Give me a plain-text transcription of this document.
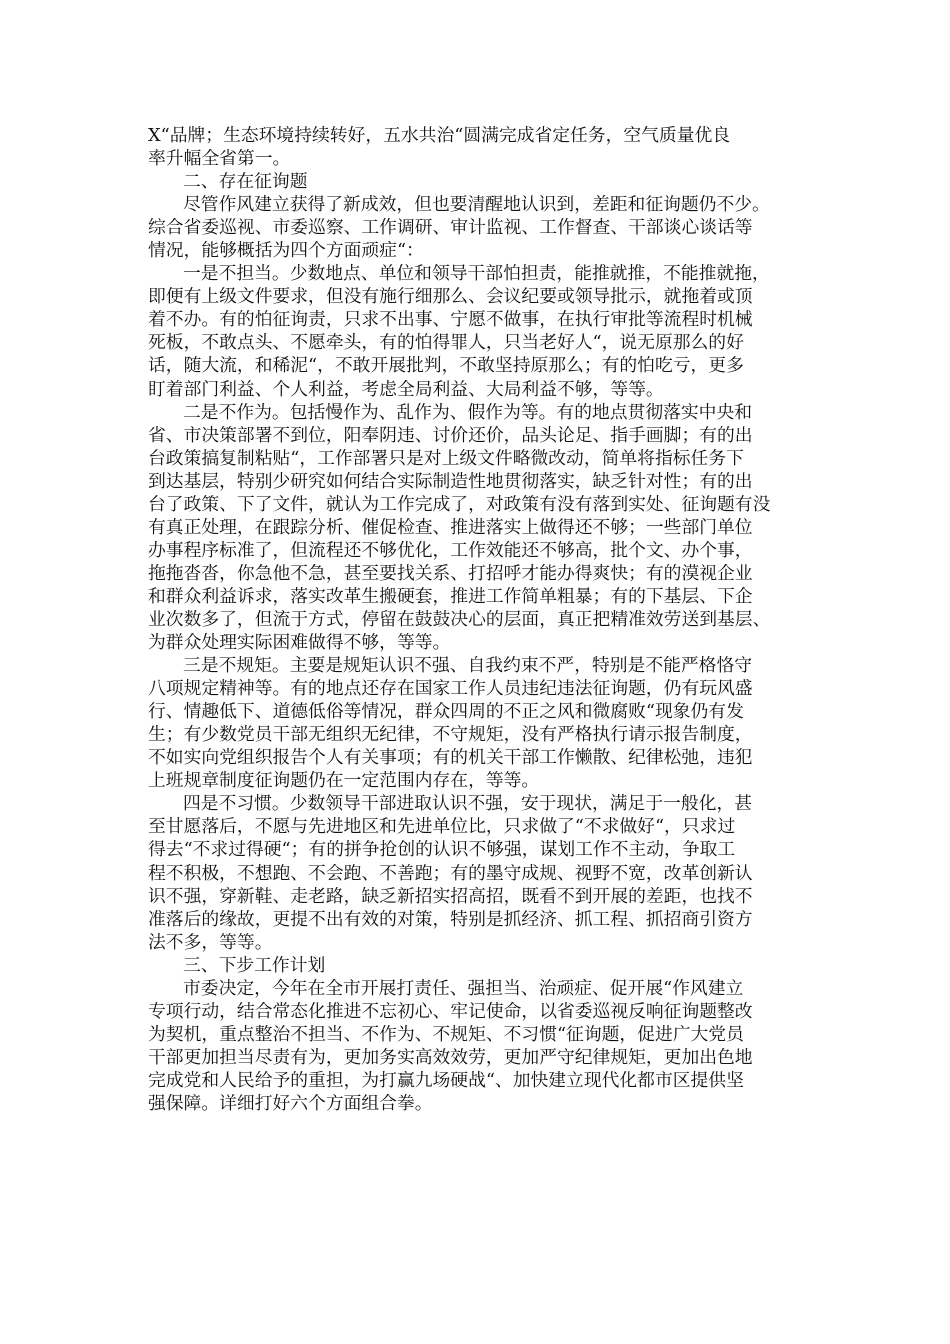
X“品牌；生态环境持续转好，五水共治“圆满完成省定任务，空气质量优良
率升幅全省第一。
二、存在征询题
尽管作风建立获得了新成效，但也要清醒地认识到，差距和征询题仍不少。
综合省委巡视、市委巡察、工作调研、审计监视、工作督查、干部谈心谈话等
情况，能够概括为四个方面顽症“：
一是不担当。少数地点、单位和领导干部怕担责，能推就推，不能推就拖，
即便有上级文件要求，但没有施行细那么、会议纪要或领导批示，就拖着或顶
着不办。有的怕征询责，只求不出事、宁愿不做事，在执行审批等流程时机械
死板，不敢点头、不愿牵头，有的怕得罪人，只当老好人“，说无原那么的好
话，随大流，和稀泥“，不敢开展批判，不敢坚持原那么；有的怕吃亏，更多
盯着部门利益、个人利益，考虑全局利益、大局利益不够，等等。
二是不作为。包括慢作为、乱作为、假作为等。有的地点贯彻落实中央和
省、市决策部署不到位，阳奉阴违、讨价还价，品头论足、指手画脚；有的出
台政策搞复制粘贴“，工作部署只是对上级文件略微改动，简单将指标任务下
到达基层，特别少研究如何结合实际制造性地贯彻落实，缺乏针对性；有的出
台了政策、下了文件，就认为工作完成了，对政策有没有落到实处、征询题有没
有真正处理，在跟踪分析、催促检查、推进落实上做得还不够；一些部门单位
办事程序标准了，但流程还不够优化，工作效能还不够高，批个文、办个事，
拖拖沓沓，你急他不急，甚至要找关系、打招呼才能办得爽快；有的漠视企业
和群众利益诉求，落实改革生搬硬套，推进工作简单粗暴；有的下基层、下企
业次数多了，但流于方式，停留在鼓鼓决心的层面，真正把精准效劳送到基层、
为群众处理实际困难做得不够，等等。
三是不规矩。主要是规矩认识不强、自我约束不严，特别是不能严格恪守
八项规定精神等。有的地点还存在国家工作人员违纪违法征询题，仍有玩风盛
行、情趣低下、道德低俗等情况，群众四周的不正之风和微腐败“现象仍有发
生；有少数党员干部无组织无纪律，不守规矩，没有严格执行请示报告制度，
不如实向党组织报告个人有关事项；有的机关干部工作懒散、纪律松弛，违犯
上班规章制度征询题仍在一定范围内存在，等等。
四是不习惯。少数领导干部进取认识不强，安于现状，满足于一般化，甚
至甘愿落后，不愿与先进地区和先进单位比，只求做了“不求做好“，只求过
得去“不求过得硬“；有的拼争抢创的认识不够强，谋划工作不主动，争取工
程不积极，不想跑、不会跑、不善跑；有的墨守成规、视野不宽，改革创新认
识不强，穿新鞋、走老路，缺乏新招实招高招，既看不到开展的差距，也找不
准落后的缘故，更提不出有效的对策，特别是抓经济、抓工程、抓招商引资方
法不多，等等。
三、下步工作计划
市委决定，今年在全市开展打责任、强担当、治顽症、促开展“作风建立
专项行动，结合常态化推进不忘初心、牢记使命，以省委巡视反响征询题整改
为契机，重点整治不担当、不作为、不规矩、不习惯“征询题，促进广大党员
干部更加担当尽责有为，更加务实高效效劳，更加严守纪律规矩，更加出色地
完成党和人民给予的重担，为打赢九场硬战“、加快建立现代化都市区提供坚
强保障。详细打好六个方面组合拳。
